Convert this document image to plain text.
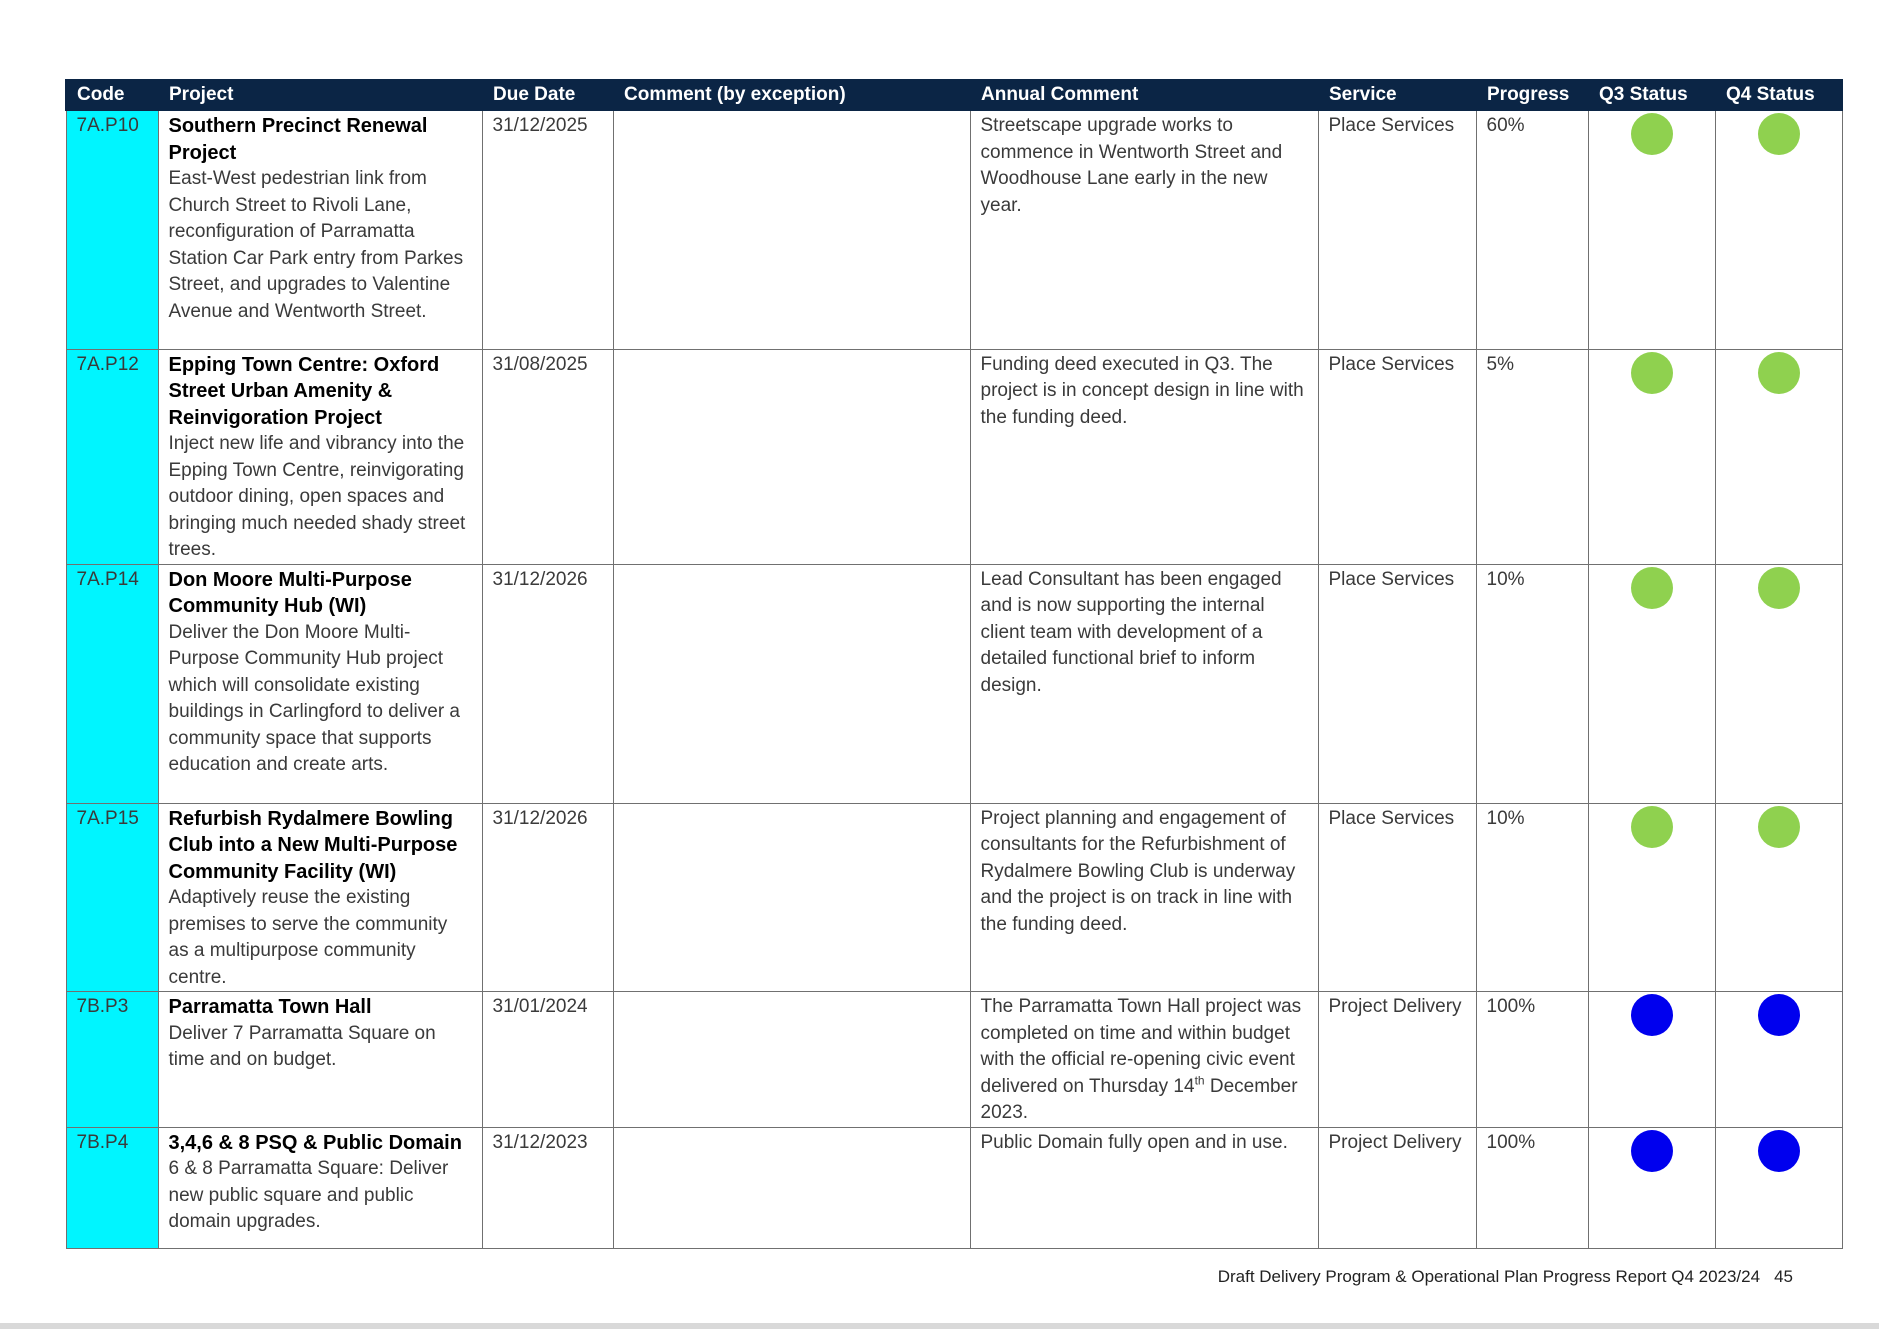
Code	Project	Due Date	Comment (by exception)	Annual Comment	Service	Progress	Q3 Status	Q4 Status
7A.P10	Southern Precinct Renewal Project
East-West pedestrian link from Church Street to Rivoli Lane, reconfiguration of Parramatta Station Car Park entry from Parkes Street, and upgrades to Valentine Avenue and Wentworth Street.	31/12/2025		Streetscape upgrade works to commence in Wentworth Street and Woodhouse Lane early in the new year.	Place Services	60%		
7A.P12	Epping Town Centre: Oxford Street Urban Amenity & Reinvigoration Project
Inject new life and vibrancy into the Epping Town Centre, reinvigorating outdoor dining, open spaces and bringing much needed shady street trees.	31/08/2025		Funding deed executed in Q3. The project is in concept design in line with the funding deed.	Place Services	5%		
7A.P14	Don Moore Multi-Purpose Community Hub (WI)
Deliver the Don Moore Multi-Purpose Community Hub project which will consolidate existing buildings in Carlingford to deliver a community space that supports education and create arts.	31/12/2026		Lead Consultant has been engaged and is now supporting the internal client team with development of a detailed functional brief to inform design.	Place Services	10%		
7A.P15	Refurbish Rydalmere Bowling Club into a New Multi-Purpose Community Facility (WI)
Adaptively reuse the existing premises to serve the community as a multipurpose community centre.	31/12/2026		Project planning and engagement of consultants for the Refurbishment of Rydalmere Bowling Club is underway and the project is on track in line with the funding deed.	Place Services	10%		
7B.P3	Parramatta Town Hall
Deliver 7 Parramatta Square on time and on budget.	31/01/2024		The Parramatta Town Hall project was completed on time and within budget with the official re-opening civic event delivered on Thursday 14th December 2023.	Project Delivery	100%		
7B.P4	3,4,6 & 8 PSQ & Public Domain
6 & 8 Parramatta Square: Deliver new public square and public domain upgrades.	31/12/2023		Public Domain fully open and in use.	Project Delivery	100%		
Draft Delivery Program & Operational Plan Progress Report Q4 2023/24 45
